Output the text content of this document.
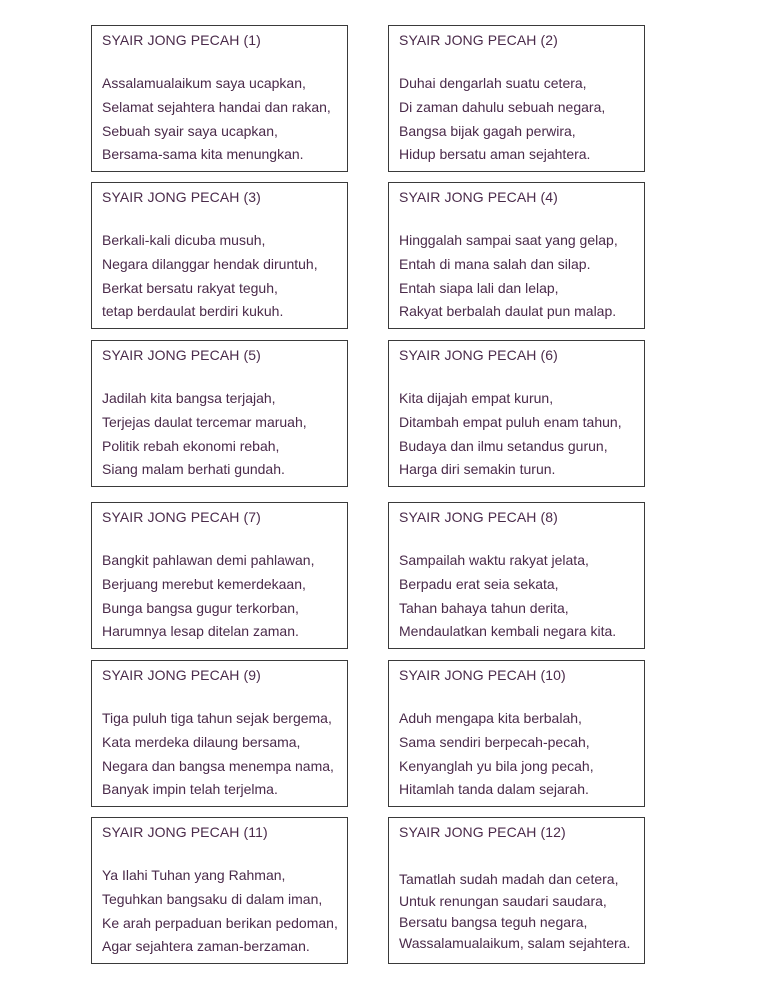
SYAIR JONG PECAH (1)
Assalamualaikum saya ucapkan,
Selamat sejahtera handai dan rakan,
Sebuah syair saya ucapkan,
Bersama-sama kita menungkan.
SYAIR JONG PECAH (2)
Duhai dengarlah suatu cetera,
Di zaman dahulu sebuah negara,
Bangsa bijak gagah perwira,
Hidup bersatu aman sejahtera.
SYAIR JONG PECAH (3)
Berkali-kali dicuba musuh,
Negara dilanggar hendak diruntuh,
Berkat bersatu rakyat teguh,
tetap berdaulat berdiri kukuh.
SYAIR JONG PECAH (4)
Hinggalah sampai saat yang gelap,
Entah di mana salah dan silap.
Entah siapa lali dan lelap,
Rakyat berbalah daulat pun malap.
SYAIR JONG PECAH (5)
Jadilah kita bangsa terjajah,
Terjejas daulat tercemar maruah,
Politik rebah ekonomi rebah,
Siang malam berhati gundah.
SYAIR JONG PECAH (6)
Kita dijajah empat kurun,
Ditambah empat puluh enam tahun,
Budaya dan ilmu setandus gurun,
Harga diri semakin turun.
SYAIR JONG PECAH (7)
Bangkit pahlawan demi pahlawan,
Berjuang merebut kemerdekaan,
Bunga bangsa gugur terkorban,
Harumnya lesap ditelan zaman.
SYAIR JONG PECAH (8)
Sampailah waktu rakyat jelata,
Berpadu erat seia sekata,
Tahan bahaya tahun derita,
Mendaulatkan kembali negara kita.
SYAIR JONG PECAH (9)
Tiga puluh tiga tahun sejak bergema,
Kata merdeka dilaung bersama,
Negara dan bangsa menempa nama,
Banyak impin telah terjelma.
SYAIR JONG PECAH (10)
Aduh mengapa kita berbalah,
Sama sendiri berpecah-pecah,
Kenyanglah yu bila jong pecah,
Hitamlah tanda dalam sejarah.
SYAIR JONG PECAH (11)
Ya Ilahi Tuhan yang Rahman,
Teguhkan bangsaku di dalam iman,
Ke arah perpaduan berikan pedoman,
Agar sejahtera zaman-berzaman.
SYAIR JONG PECAH (12)
Tamatlah sudah madah dan cetera,
Untuk renungan saudari saudara,
Bersatu bangsa teguh negara,
Wassalamualaikum, salam sejahtera.
